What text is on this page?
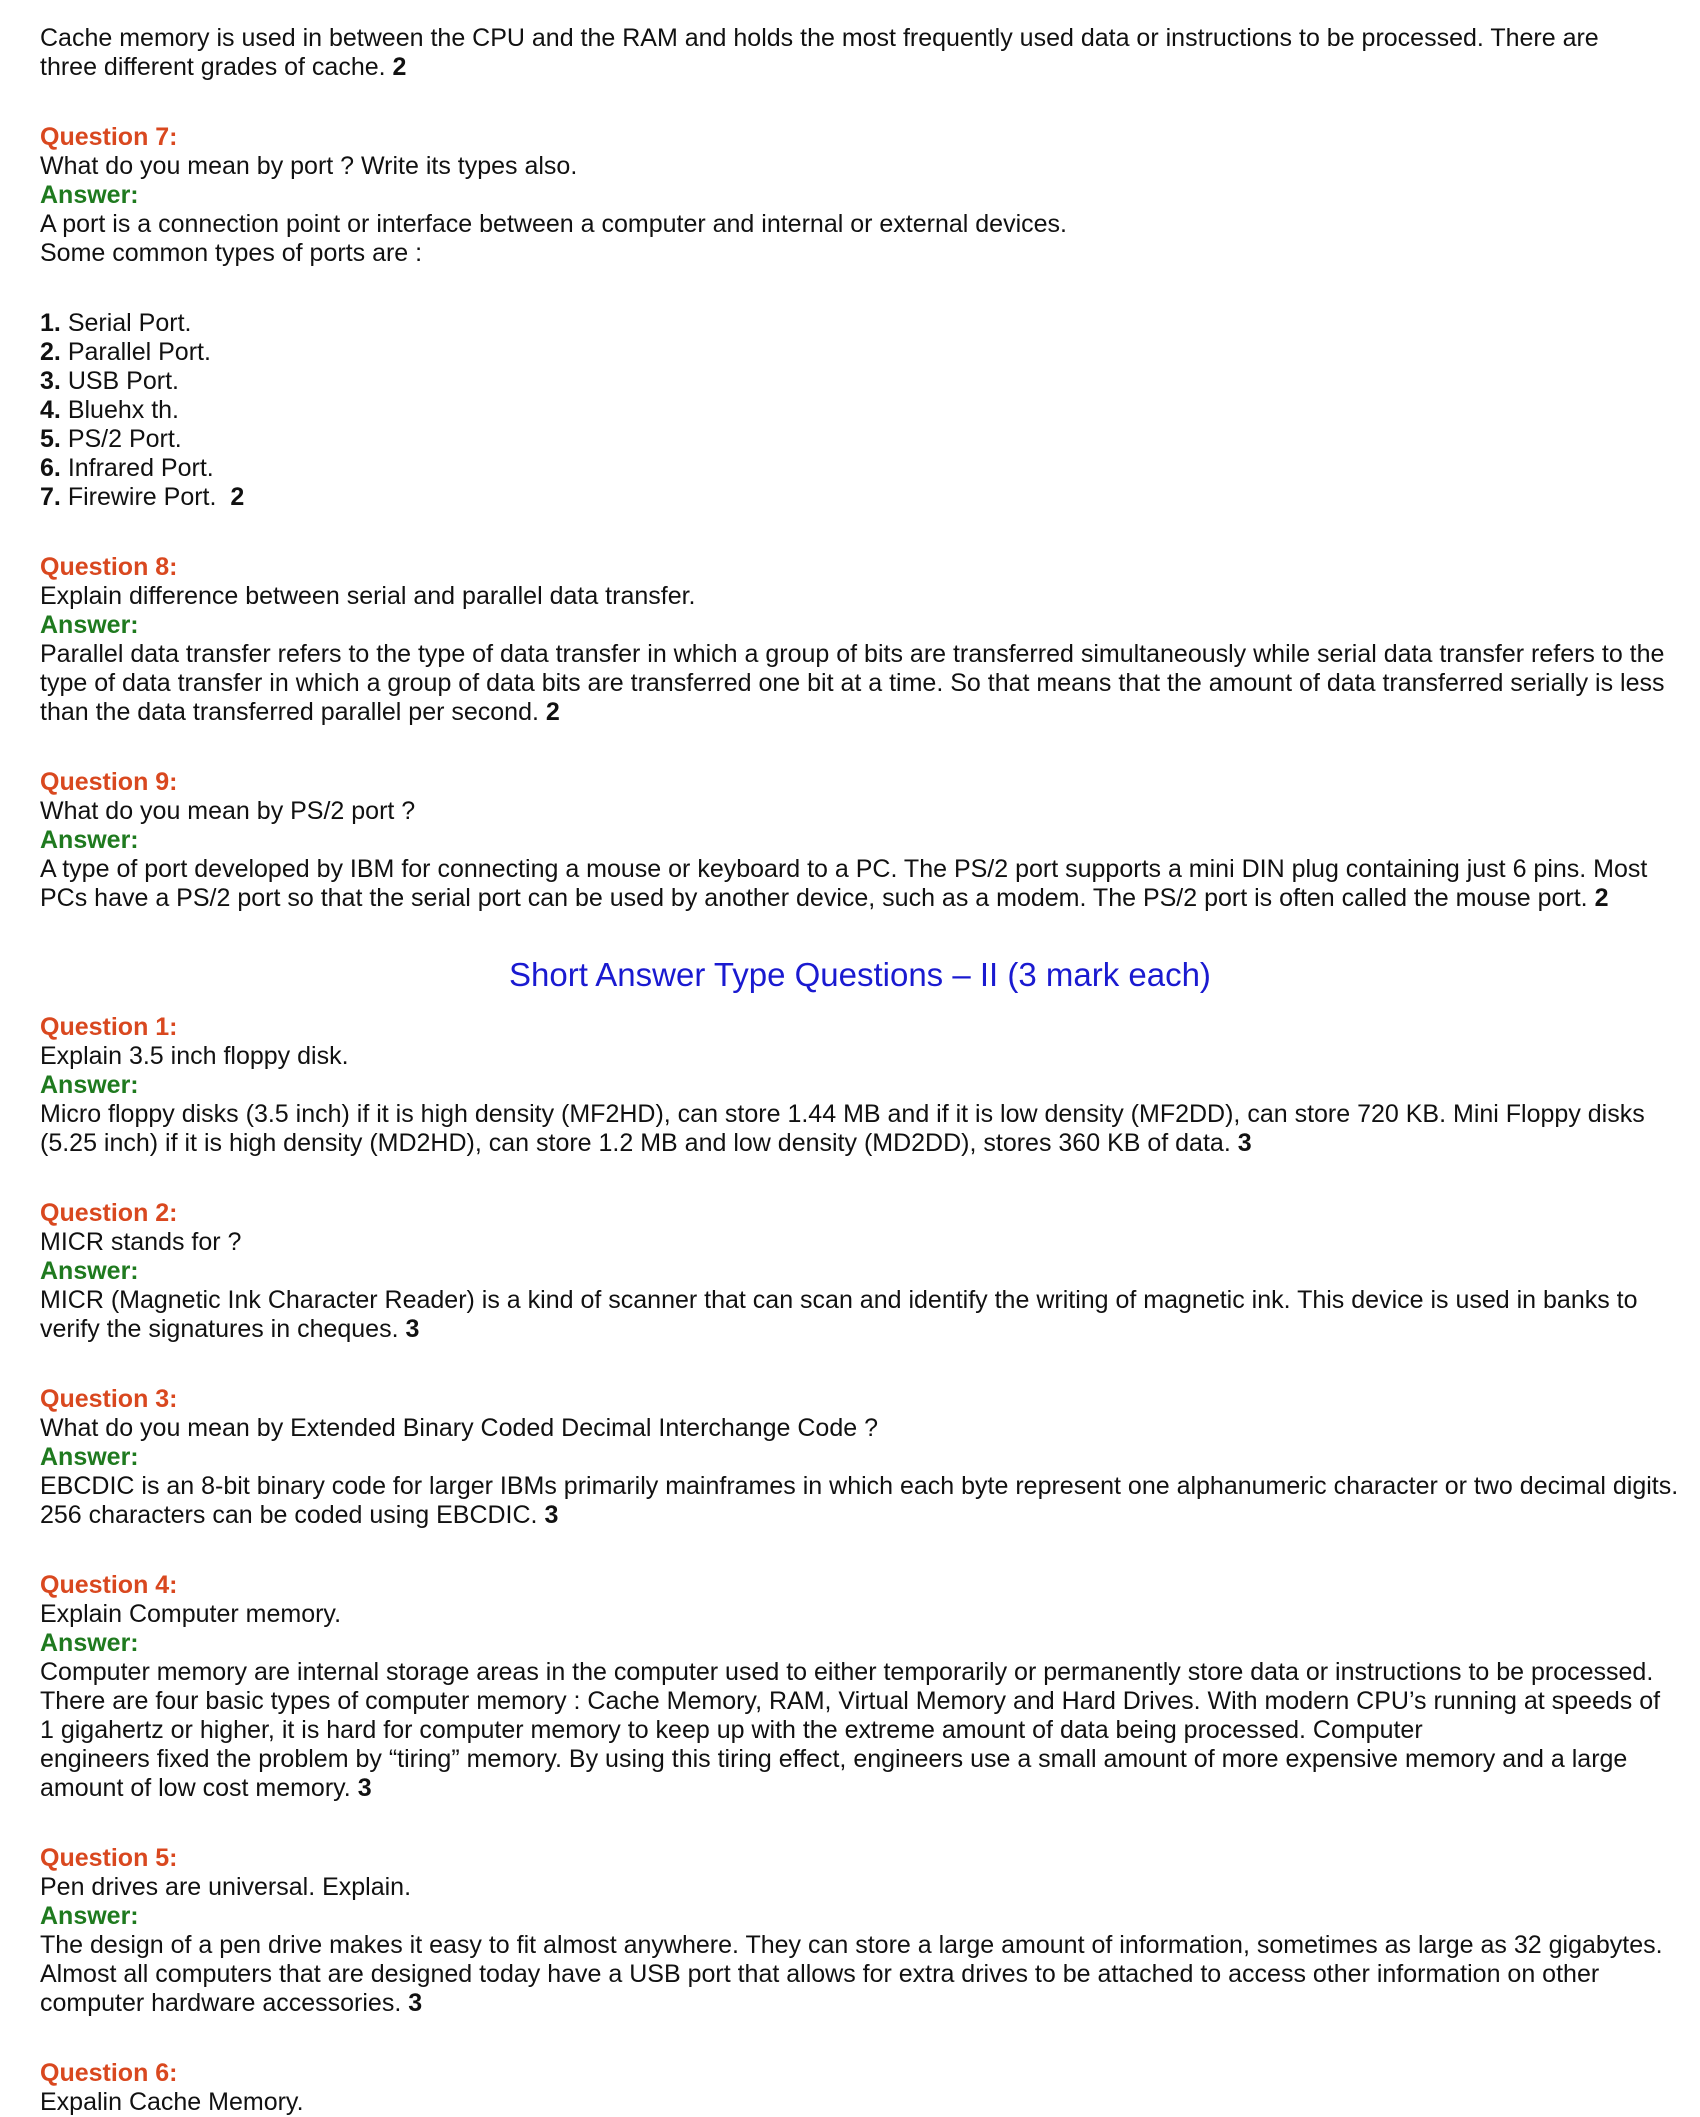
Cache memory is used in between the CPU and the RAM and holds the most frequently used data or instructions to be processed. There are three different grades of cache. 2

Question 7:

What do you mean by port ? Write its types also.

Answer:

A port is a connection point or interface between a computer and internal or external devices.

Some common types of ports are :

1. Serial Port.

2. Parallel Port.

3. USB Port.

4. Bluehx th.

5. PS/2 Port.

6. Infrared Port.

7. Firewire Port. 2

Question 8:

Explain difference between serial and parallel data transfer.

Answer:

Parallel data transfer refers to the type of data transfer in which a group of bits are transferred simultaneously while serial data transfer refers to the type of data transfer in which a group of data bits are transferred one bit at a time. So that means that the amount of data transferred serially is less than the data transferred parallel per second. 2

Question 9:

What do you mean by PS/2 port ?

Answer:

A type of port developed by IBM for connecting a mouse or keyboard to a PC. The PS/2 port supports a mini DIN plug containing just 6 pins. Most PCs have a PS/2 port so that the serial port can be used by another device, such as a modem. The PS/2 port is often called the mouse port. 2

Short Answer Type Questions – II (3 mark each)

Question 1:

Explain 3.5 inch floppy disk.

Answer:

Micro floppy disks (3.5 inch) if it is high density (MF2HD), can store 1.44 MB and if it is low density (MF2DD), can store 720 KB. Mini Floppy disks (5.25 inch) if it is high density (MD2HD), can store 1.2 MB and low density (MD2DD), stores 360 KB of data. 3

Question 2:

MICR stands for ?

Answer:

MICR (Magnetic Ink Character Reader) is a kind of scanner that can scan and identify the writing of magnetic ink. This device is used in banks to verify the signatures in cheques. 3

Question 3:

What do you mean by Extended Binary Coded Decimal Interchange Code ?

Answer:

EBCDIC is an 8-bit binary code for larger IBMs primarily mainframes in which each byte represent one alphanumeric character or two decimal digits. 256 characters can be coded using EBCDIC. 3

Question 4:

Explain Computer memory.

Answer:

Computer memory are internal storage areas in the computer used to either temporarily or permanently store data or instructions to be processed. There are four basic types of computer memory : Cache Memory, RAM, Virtual Memory and Hard Drives. With modern CPU’s running at speeds of 1 gigahertz or higher, it is hard for computer memory to keep up with the extreme amount of data being processed. Computer

engineers fixed the problem by “tiring” memory. By using this tiring effect, engineers use a small amount of more expensive memory and a large amount of low cost memory. 3

Question 5:

Pen drives are universal. Explain.

Answer:

The design of a pen drive makes it easy to fit almost anywhere. They can store a large amount of information, sometimes as large as 32 gigabytes. Almost all computers that are designed today have a USB port that allows for extra drives to be attached to access other information on other computer hardware accessories. 3

Question 6:

Expalin Cache Memory.
